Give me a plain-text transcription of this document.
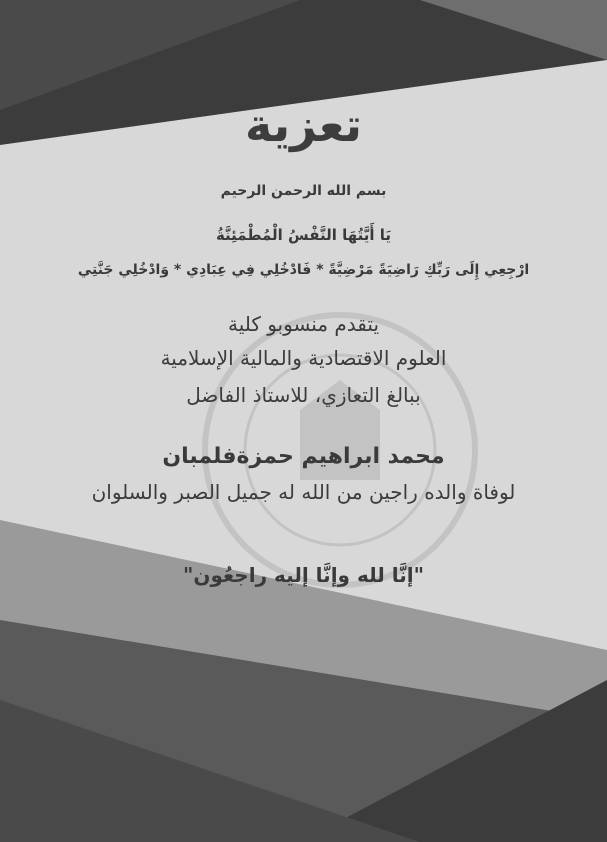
تعزية
بسم الله الرحمن الرحيم
يَا أَيَّتُهَا النَّفْسُ الْمُطْمَئِنَّةُ
ارْجِعِي إِلَى رَبِّكِ رَاضِيَةً مَرْضِيَّةً * فَادْخُلِي فِي عِبَادِي * وَادْخُلِي جَنَّتِي
يتقدم منسوبو كلية
العلوم الاقتصادية والمالية الإسلامية
ببالغ التعازي، للاستاذ الفاضل
محمد ابراهيم حمزةفلمبان
لوفاة والده راجين من الله له جميل الصبر والسلوان
"إنَّا لله وإنَّا إليه راجعُون"
